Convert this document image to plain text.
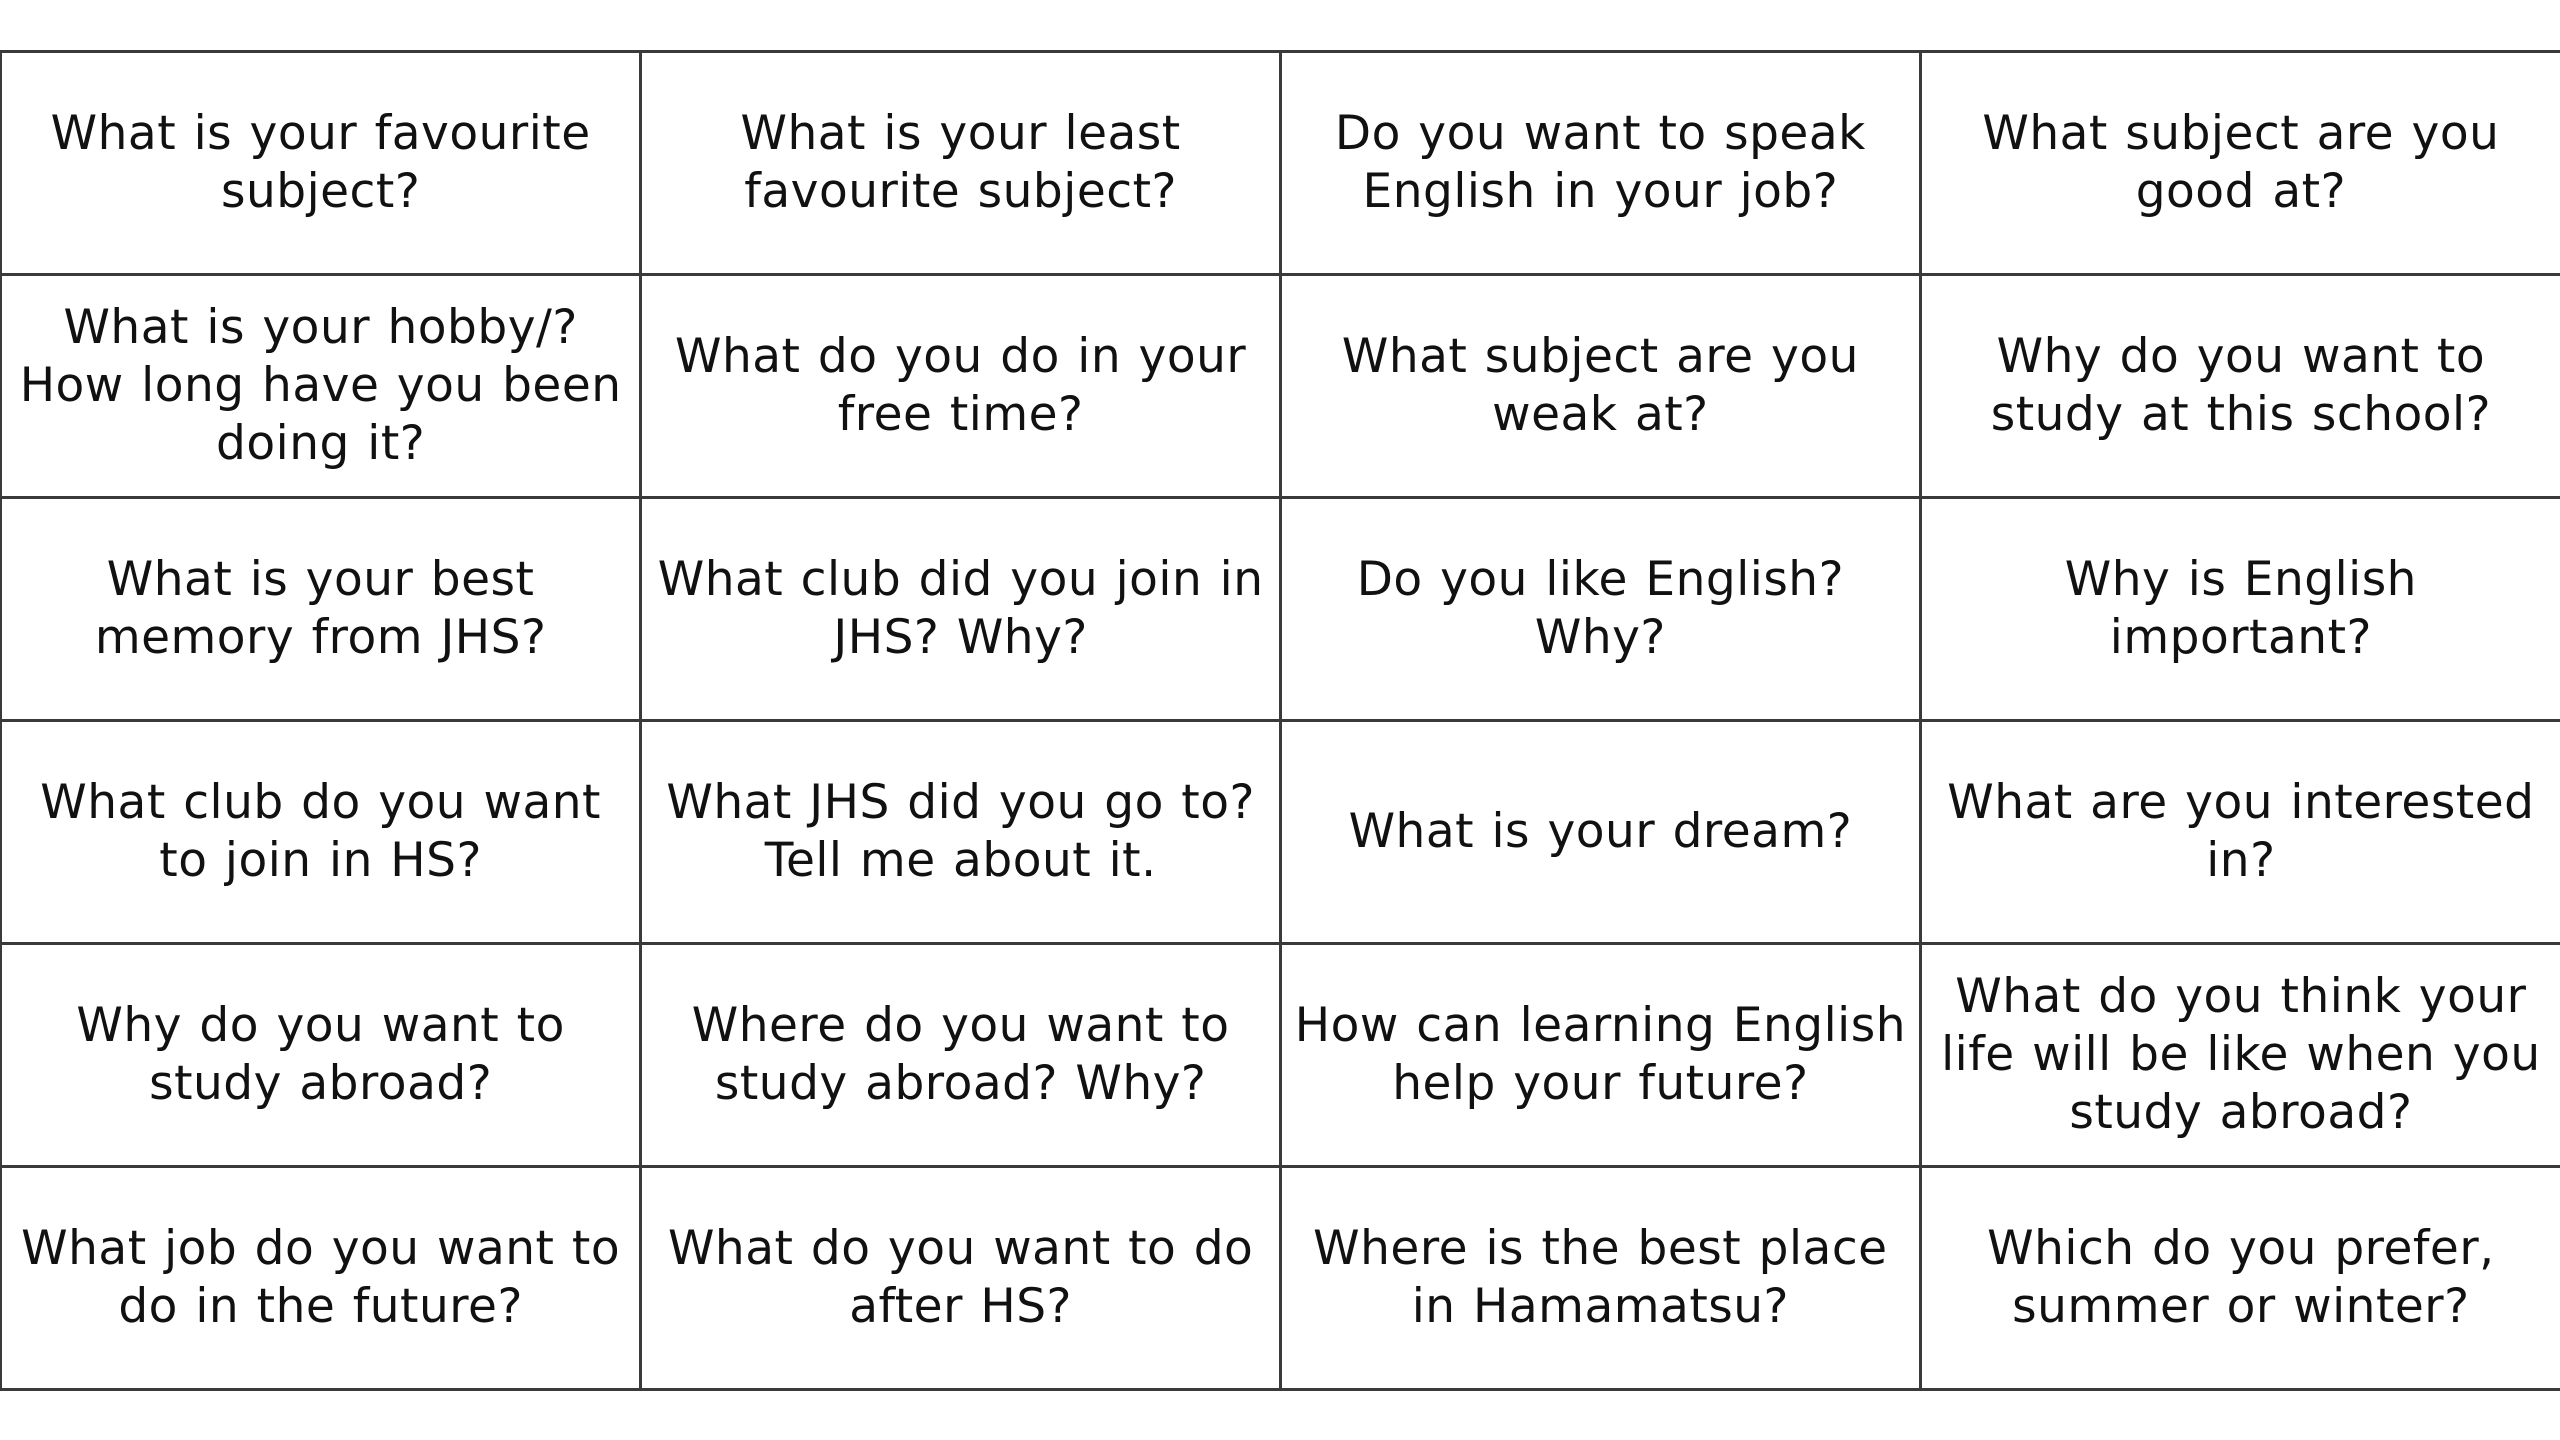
What is your favourite subject?	What is your least favourite subject?	Do you want to speak English in your job?	What subject are you good at?
What is your hobby/? How long have you been doing it?	What do you do in your free time?	What subject are you weak at?	Why do you want to study at this school?
What is your best memory from JHS?	What club did you join in JHS? Why?	Do you like English? Why?	Why is English important?
What club do you want to join in HS?	What JHS did you go to? Tell me about it.	What is your dream?	What are you interested in?
Why do you want to study abroad?	Where do you want to study abroad? Why?	How can learning English help your future?	What do you think your life will be like when you study abroad?
What job do you want to do in the future?	What do you want to do after HS?	Where is the best place in Hamamatsu?	Which do you prefer, summer or winter?
